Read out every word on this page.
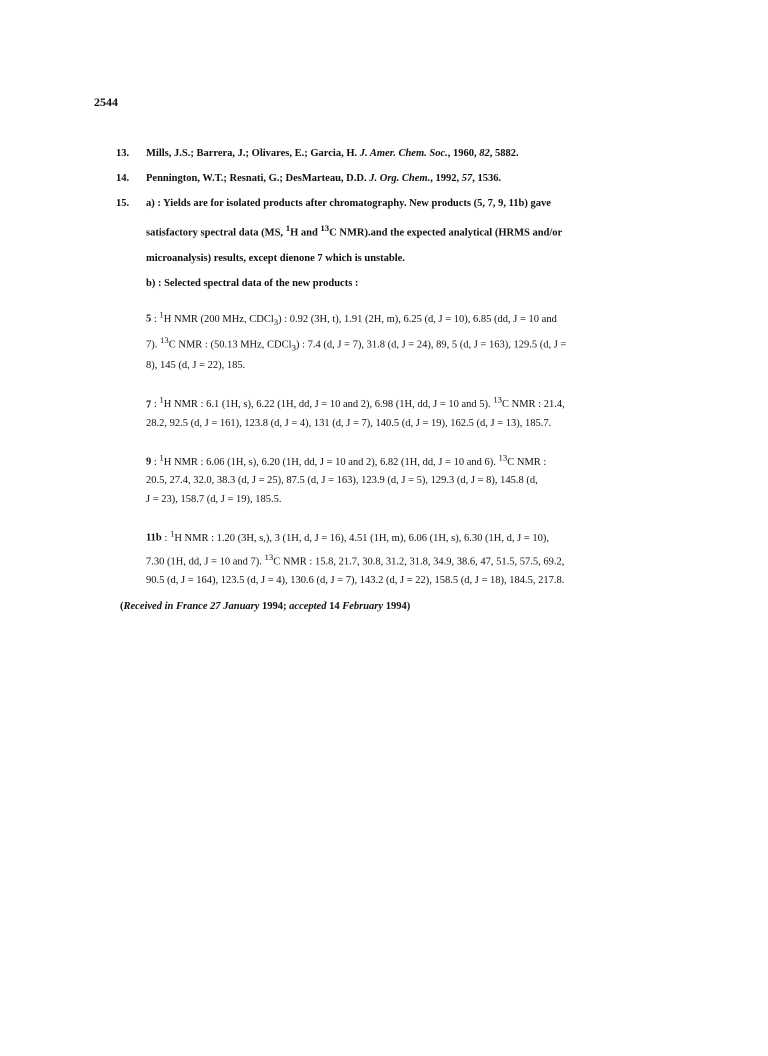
2544
13. Mills, J.S.; Barrera, J.; Olivares, E.; Garcia, H. J. Amer. Chem. Soc., 1960, 82, 5882.
14. Pennington, W.T.; Resnati, G.; DesMarteau, D.D. J. Org. Chem., 1992, 57, 1536.
15. a) : Yields are for isolated products after chromatography. New products (5, 7, 9, 11b) gave
satisfactory spectral data (MS, $^1$H and $^{13}$C NMR).and the expected analytical (HRMS and/or
microanalysis) results, except dienone 7 which is unstable.
b) : Selected spectral data of the new products :
5 : $^1$H NMR (200 MHz, CDCl$_3$) : 0.92 (3H, t), 1.91 (2H, m), 6.25 (d, J = 10), 6.85 (dd, J = 10 and
7). $^{13}$C NMR : (50.13 MHz, CDCl$_3$) : 7.4 (d, J = 7), 31.8 (d, J = 24), 89, 5 (d, J = 163), 129.5 (d, J =
8), 145 (d, J = 22), 185.
7 : $^1$H NMR : 6.1 (1H, s), 6.22 (1H, dd, J = 10 and 2), 6.98 (1H, dd, J = 10 and 5). $^{13}$C NMR : 21.4,
28.2, 92.5 (d, J = 161), 123.8 (d, J = 4), 131 (d, J = 7), 140.5 (d, J = 19), 162.5 (d, J = 13), 185.7.
9 : $^1$H NMR : 6.06 (1H, s), 6.20 (1H, dd, J = 10 and 2), 6.82 (1H, dd, J = 10 and 6). $^{13}$C NMR :
20.5, 27.4, 32.0, 38.3 (d, J = 25), 87.5 (d, J = 163), 123.9 (d, J = 5), 129.3 (d, J = 8), 145.8 (d,
J = 23), 158.7 (d, J = 19), 185.5.
11b : $^1$H NMR : 1.20 (3H, s,), 3 (1H, d, J = 16), 4.51 (1H, m), 6.06 (1H, s), 6.30 (1H, d, J = 10),
7.30 (1H, dd, J = 10 and 7). $^{13}$C NMR : 15.8, 21.7, 30.8, 31.2, 31.8, 34.9, 38.6, 47, 51.5, 57.5, 69.2,
90.5 (d, J = 164), 123.5 (d, J = 4), 130.6 (d, J = 7), 143.2 (d, J = 22), 158.5 (d, J = 18), 184.5, 217.8.
(Received in France 27 January 1994; accepted 14 February 1994)
